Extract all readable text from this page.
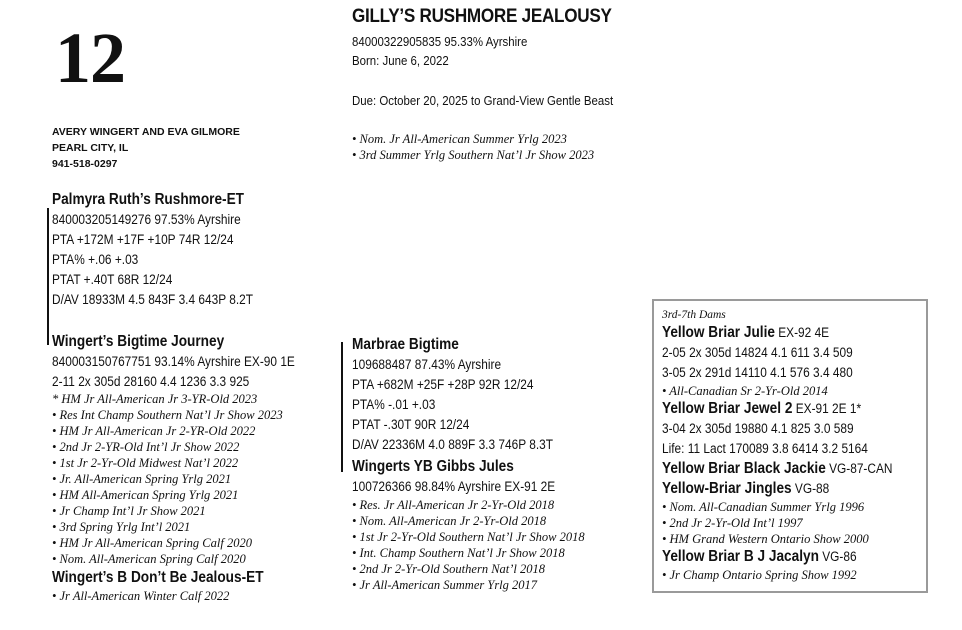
12
AVERY WINGERT AND EVA GILMORE
PEARL CITY, IL
941-518-0297
GILLY’S RUSHMORE JEALOUSY
840003229058​35 95.33% Ayrshire
Born: June 6, 2022
Due: October 20, 2025 to Grand-View Gentle Beast
• Nom. Jr All-American Summer Yrlg 2023
• 3rd Summer Yrlg Southern Nat’l Jr Show 2023
Palmyra Ruth’s Rushmore-ET
840003205149276 97.53% Ayrshire
PTA +172M +17F +10P 74R 12/24
PTA% +.06 +.03
PTAT +.40T 68R 12/24
D/AV 18933M 4.5 843F 3.4 643P 8.2T
Wingert’s Bigtime Journey
840003150767751 93.14% Ayrshire EX-90 1E
2-11 2x 305d 28160 4.4 1236 3.3 925
* HM Jr All-American Jr 3-YR-Old 2023
• Res Int Champ Southern Nat’l Jr Show 2023
• HM Jr All-American Jr 2-YR-Old 2022
• 2nd Jr 2-YR-Old Int’l Jr Show 2022
• 1st Jr 2-Yr-Old Midwest Nat’l 2022
• Jr. All-American Spring Yrlg 2021
• HM All-American Spring Yrlg 2021
• Jr Champ Int’l Jr Show 2021
• 3rd Spring Yrlg Int’l 2021
• HM Jr All-American Spring Calf 2020
• Nom. All-American Spring Calf 2020
Wingert’s B Don’t Be Jealous-ET
• Jr All-American Winter Calf 2022
Marbrae Bigtime
109688487 87.43% Ayrshire
PTA +682M +25F +28P 92R 12/24
PTA% -.01 +.03
PTAT -.30T 90R 12/24
D/AV 22336M 4.0 889F 3.3 746P 8.3T
Wingerts YB Gibbs Jules
100726366 98.84% Ayrshire EX-91 2E
• Res. Jr All-American Jr 2-Yr-Old 2018
• Nom. All-American Jr 2-Yr-Old 2018
• 1st Jr 2-Yr-Old Southern Nat’l Jr Show 2018
• Int. Champ Southern Nat’l Jr Show 2018
• 2nd Jr 2-Yr-Old Southern Nat’l 2018
• Jr All-American Summer Yrlg 2017
3rd-7th Dams
Yellow Briar Julie EX-92 4E
2-05 2x 305d 14824 4.1 611 3.4 509
3-05 2x 291d 14110 4.1 576 3.4 480
• All-Canadian Sr 2-Yr-Old 2014
Yellow Briar Jewel 2 EX-91 2E 1*
3-04 2x 305d 19880 4.1 825 3.0 589
Life: 11 Lact 170089 3.8 6414 3.2 5164
Yellow Briar Black Jackie VG-87-CAN
Yellow-Briar Jingles VG-88
• Nom. All-Canadian Summer Yrlg 1996
• 2nd Jr 2-Yr-Old Int’l 1997
• HM Grand Western Ontario Show 2000
Yellow Briar B J Jacalyn VG-86
• Jr Champ Ontario Spring Show 1992
